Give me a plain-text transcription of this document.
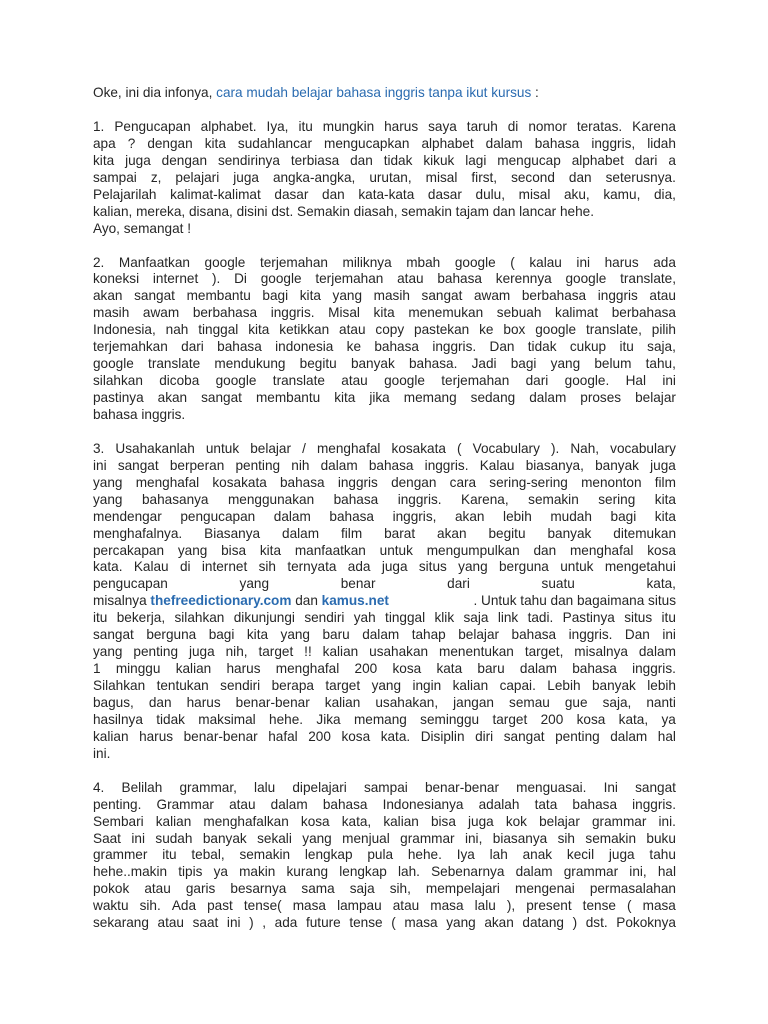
Oke, ini dia infonya, cara mudah belajar bahasa inggris tanpa ikut kursus :
1. Pengucapan alphabet. Iya, itu mungkin harus saya taruh di nomor teratas. Karena
apa ? dengan kita sudahlancar mengucapkan alphabet dalam bahasa inggris, lidah
kita juga dengan sendirinya terbiasa dan tidak kikuk lagi mengucap alphabet dari a
sampai z, pelajari juga angka-angka, urutan, misal first, second dan seterusnya.
Pelajarilah kalimat-kalimat dasar dan kata-kata dasar dulu, misal aku, kamu, dia,
kalian, mereka, disana, disini dst. Semakin diasah, semakin tajam dan lancar hehe.
Ayo, semangat !
2. Manfaatkan google terjemahan miliknya mbah google ( kalau ini harus ada
koneksi internet ). Di google terjemahan atau bahasa kerennya google translate,
akan sangat membantu bagi kita yang masih sangat awam berbahasa inggris atau
masih awam berbahasa inggris. Misal kita menemukan sebuah kalimat berbahasa
Indonesia, nah tinggal kita ketikkan atau copy pastekan ke box google translate, pilih
terjemahkan dari bahasa indonesia ke bahasa inggris. Dan tidak cukup itu saja,
google translate mendukung begitu banyak bahasa. Jadi bagi yang belum tahu,
silahkan dicoba google translate atau google terjemahan dari google. Hal ini
pastinya akan sangat membantu kita jika memang sedang dalam proses belajar
bahasa inggris.
3. Usahakanlah untuk belajar / menghafal kosakata ( Vocabulary ). Nah, vocabulary
ini sangat berperan penting nih dalam bahasa inggris. Kalau biasanya, banyak juga
yang menghafal kosakata bahasa inggris dengan cara sering-sering menonton film
yang bahasanya menggunakan bahasa inggris. Karena, semakin sering kita
mendengar pengucapan dalam bahasa inggris, akan lebih mudah bagi kita
menghafalnya. Biasanya dalam film barat akan begitu banyak ditemukan
percakapan yang bisa kita manfaatkan untuk mengumpulkan dan menghafal kosa
kata. Kalau di internet sih ternyata ada juga situs yang berguna untuk mengetahui
pengucapan	yang	benar	dari	suatu	kata,
misalnya thefreedictionary.com dan kamus.net	. Untuk tahu dan bagaimana situs
itu bekerja, silahkan dikunjungi sendiri yah tinggal klik saja link tadi. Pastinya situs itu
sangat berguna bagi kita yang baru dalam tahap belajar bahasa inggris. Dan ini
yang penting juga nih, target !! kalian usahakan menentukan target, misalnya dalam
1 minggu kalian harus menghafal 200 kosa kata baru dalam bahasa inggris.
Silahkan tentukan sendiri berapa target yang ingin kalian capai. Lebih banyak lebih
bagus, dan harus benar-benar kalian usahakan, jangan semau gue saja, nanti
hasilnya tidak maksimal hehe. Jika memang seminggu target 200 kosa kata, ya
kalian harus benar-benar hafal 200 kosa kata. Disiplin diri sangat penting dalam hal
ini.
4. Belilah grammar, lalu dipelajari sampai benar-benar menguasai. Ini sangat
penting. Grammar atau dalam bahasa Indonesianya adalah tata bahasa inggris.
Sembari kalian menghafalkan kosa kata, kalian bisa juga kok belajar grammar ini.
Saat ini sudah banyak sekali yang menjual grammar ini, biasanya sih semakin buku
grammer itu tebal, semakin lengkap pula hehe. Iya lah anak kecil juga tahu
hehe..makin tipis ya makin kurang lengkap lah. Sebenarnya dalam grammar ini, hal
pokok atau garis besarnya sama saja sih, mempelajari mengenai permasalahan
waktu sih. Ada past tense( masa lampau atau masa lalu ), present tense ( masa
sekarang atau saat ini ) , ada future tense ( masa yang akan datang ) dst. Pokoknya
